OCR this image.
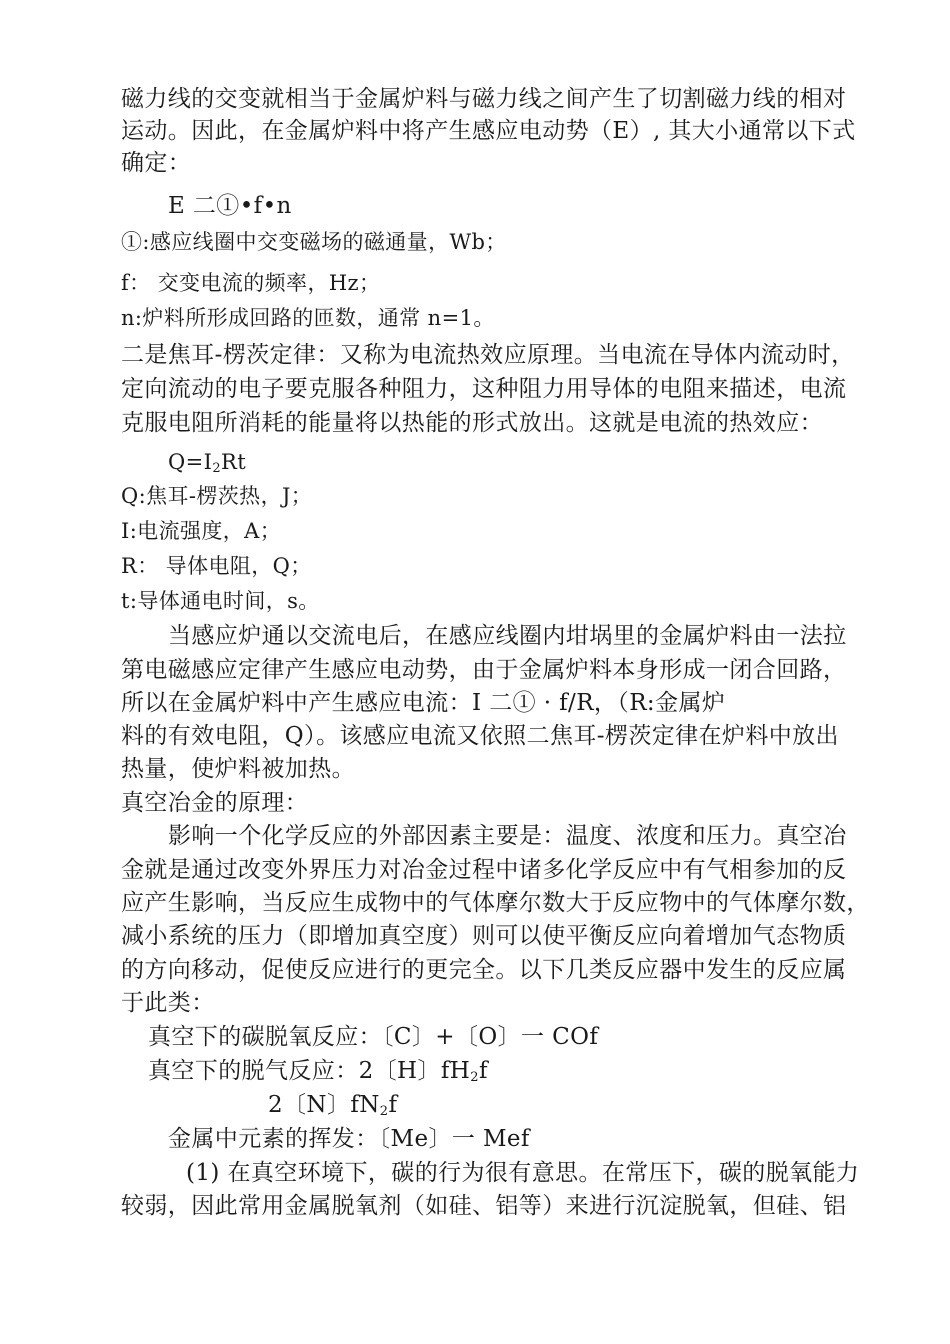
磁力线的交变就相当于金属炉料与磁力线之间产生了切割磁力线的相对
运动。因此，在金属炉料中将产生感应电动势（E）, 其大小通常以下式
确定：
E 二①•f•n
①:感应线圈中交变磁场的磁通量，Wb；
f： 交变电流的频率，Hz；
n:炉料所形成回路的匝数，通常 n=1。
二是焦耳-楞茨定律：又称为电流热效应原理。当电流在导体内流动时，
定向流动的电子要克服各种阻力，这种阻力用导体的电阻来描述，电流
克服电阻所消耗的能量将以热能的形式放出。这就是电流的热效应：
$Q=I_2Rt$
Q:焦耳-楞茨热，J；
I:电流强度，A；
R： 导体电阻，Q；
t:导体通电时间，s。
当感应炉通以交流电后，在感应线圈内坩埚里的金属炉料由一法拉
第电磁感应定律产生感应电动势，由于金属炉料本身形成一闭合回路，
所以在金属炉料中产生感应电流：I 二① · f/R，（R:金属炉
料的有效电阻，Q）。该感应电流又依照二焦耳-楞茨定律在炉料中放出
热量，使炉料被加热。
真空冶金的原理：
影响一个化学反应的外部因素主要是：温度、浓度和压力。真空冶
金就是通过改变外界压力对冶金过程中诸多化学反应中有气相参加的反
应产生影响，当反应生成物中的气体摩尔数大于反应物中的气体摩尔数，
减小系统的压力（即增加真空度）则可以使平衡反应向着增加气态物质
的方向移动，促使反应进行的更完全。以下几类反应器中发生的反应属
于此类：
真空下的碳脱氧反应：〔C〕+〔O〕一 COf
真空下的脱气反应：2〔H〕$fH_2f$
2〔N〕$fN_2f$
金属中元素的挥发：〔Me〕一 Mef
(1) 在真空环境下，碳的行为很有意思。在常压下，碳的脱氧能力
较弱，因此常用金属脱氧剂（如硅、铝等）来进行沉淀脱氧，但硅、铝
